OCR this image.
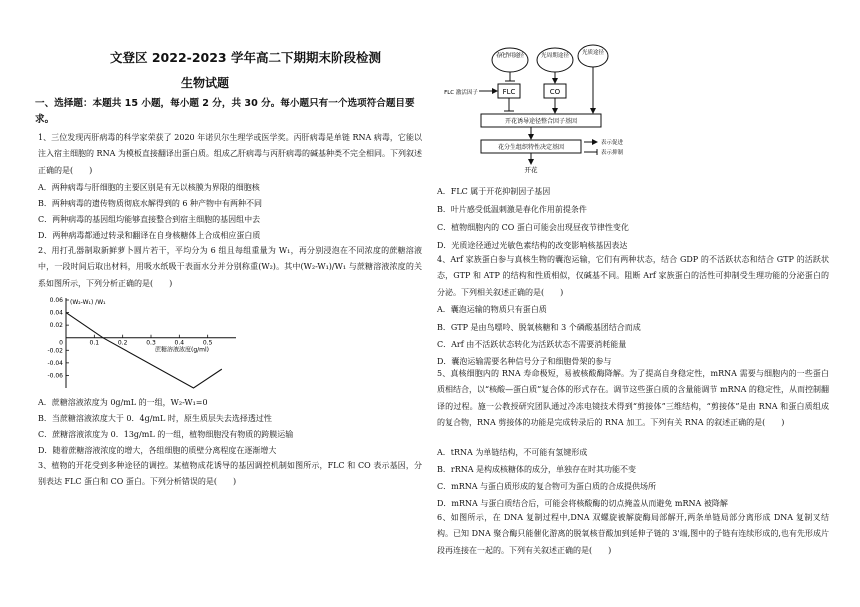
文登区 2022-2023 学年高二下期期末阶段检测
生物试题
一、选择题：本题共 15 小题，每小题 2 分，共 30 分。每小题只有一个选项符合题目要
求。
1、三位发现丙肝病毒的科学家荣获了 2020 年诺贝尔生理学或医学奖。丙肝病毒是单链 RNA 病毒，它能以注入宿主细胞的 RNA 为模板直接翻译出蛋白质。组成乙肝病毒与丙肝病毒的碱基种类不完全相同。下列叙述正确的是(　　)
A．两种病毒与肝细胞的主要区别是有无以核膜为界限的细胞核
B．两种病毒的遗传物质彻底水解得到的 6 种产物中有两种不同
C．两种病毒的基因组均能够直接整合到宿主细胞的基因组中去
D．两种病毒都通过转录和翻译在自身核糖体上合成相应蛋白质
2、用打孔器制取新鲜萝卜圆片若干，平均分为 6 组且每组重量为 W₁，再分别浸泡在不同浓度的蔗糖溶液中，一段时间后取出材料，用吸水纸吸干表面水分并分别称重(W₂)。其中(W₂-W₁)/W₁ 与蔗糖溶液浓度的关系如图所示，下列分析正确的是(　　)
0.06
0.04
0.02
-0.02
-0.04
-0.06
0	0.1	0.2	0.3	0.4	0.5
(W₂-W₁) /W₁
蔗糖溶液浓度(g/ml)
A．蔗糖溶液浓度为 0g/mL 的一组，W₂-W₁=0
B．当蔗糖溶液浓度大于 0．4g/mL 时，原生质层失去选择透过性
C．蔗糖溶液浓度为 0．13g/mL 的一组，植物细胞没有物质的跨膜运输
D．随着蔗糖溶液浓度的增大，各组细胞的质壁分离程度在逐渐增大
3、植物的开花受到多种途径的调控。某植物成花诱导的基因调控机制如图所示，FLC 和 CO 表示基因，分别表达 FLC 蛋白和 CO 蛋白。下列分析错误的是(　　)
春化作用途径	光周期途径 光质途径
FLC 激活因子	FLC	CO
开花诱导途径整合因子基因
花分生组织特性决定基因
开花
表示促进
表示抑制
A．FLC 属于开花抑制因子基因
B．叶片感受低温刺激是春化作用前提条件
C．植物细胞内的 CO 蛋白可能会出现昼夜节律性变化
D．光质途径通过光敏色素结构的改变影响核基因表达
4、Arf 家族蛋白参与真核生物的囊泡运输，它们有两种状态，结合 GDP 的不活跃状态和结合 GTP 的活跃状态，GTP 和 ATP 的结构和性质相似，仅碱基不同。阻断 Arf 家族蛋白的活性可抑制受生理功能的分泌蛋白的分泌。下列相关叙述正确的是(　　)
A．囊泡运输的物质只有蛋白质
B．GTP 是由鸟嘌呤、脱氧核糖和 3 个磷酸基团结合而成
C．Arf 由不活跃状态转化为活跃状态不需要消耗能量
D．囊泡运输需要名种信号分子和细胞骨架的参与
5、真核细胞内的 RNA 寿命极短，易被核酸酶降解。为了提高自身稳定性，mRNA 需要与细胞内的一些蛋白质相结合，以“核酸—蛋白质”复合体的形式存在。调节这些蛋白质的含量能调节 mRNA 的稳定性，从而控制翻译的过程。施一公教授研究团队通过冷冻电镜技术得到“剪接体”三维结构，“剪接体”是由 RNA 和蛋白质组成的复合物，RNA 剪接体的功能是完成转录后的 RNA 加工。下列有关 RNA 的叙述正确的是(　　)
A．tRNA 为单链结构，不可能有氢键形成
B．rRNA 是构成核糖体的成分，单独存在时其功能不变
C．mRNA 与蛋白质形成的复合物可为蛋白质的合成提供场所
D．mRNA 与蛋白质结合后，可能会将核酸酶的切点掩盖从而避免 mRNA 被降解
6、如图所示，在 DNA 复制过程中,DNA 双螺旋被解旋酶局部解开,两条单链局部分离形成 DNA 复制叉结构。已知 DNA 聚合酶只能催化游离的脱氧核苷酸加到延伸子链的 3'端,图中的子链有连续形成的,也有先形成片段再连接在一起的。下列有关叙述正确的是(　　)
